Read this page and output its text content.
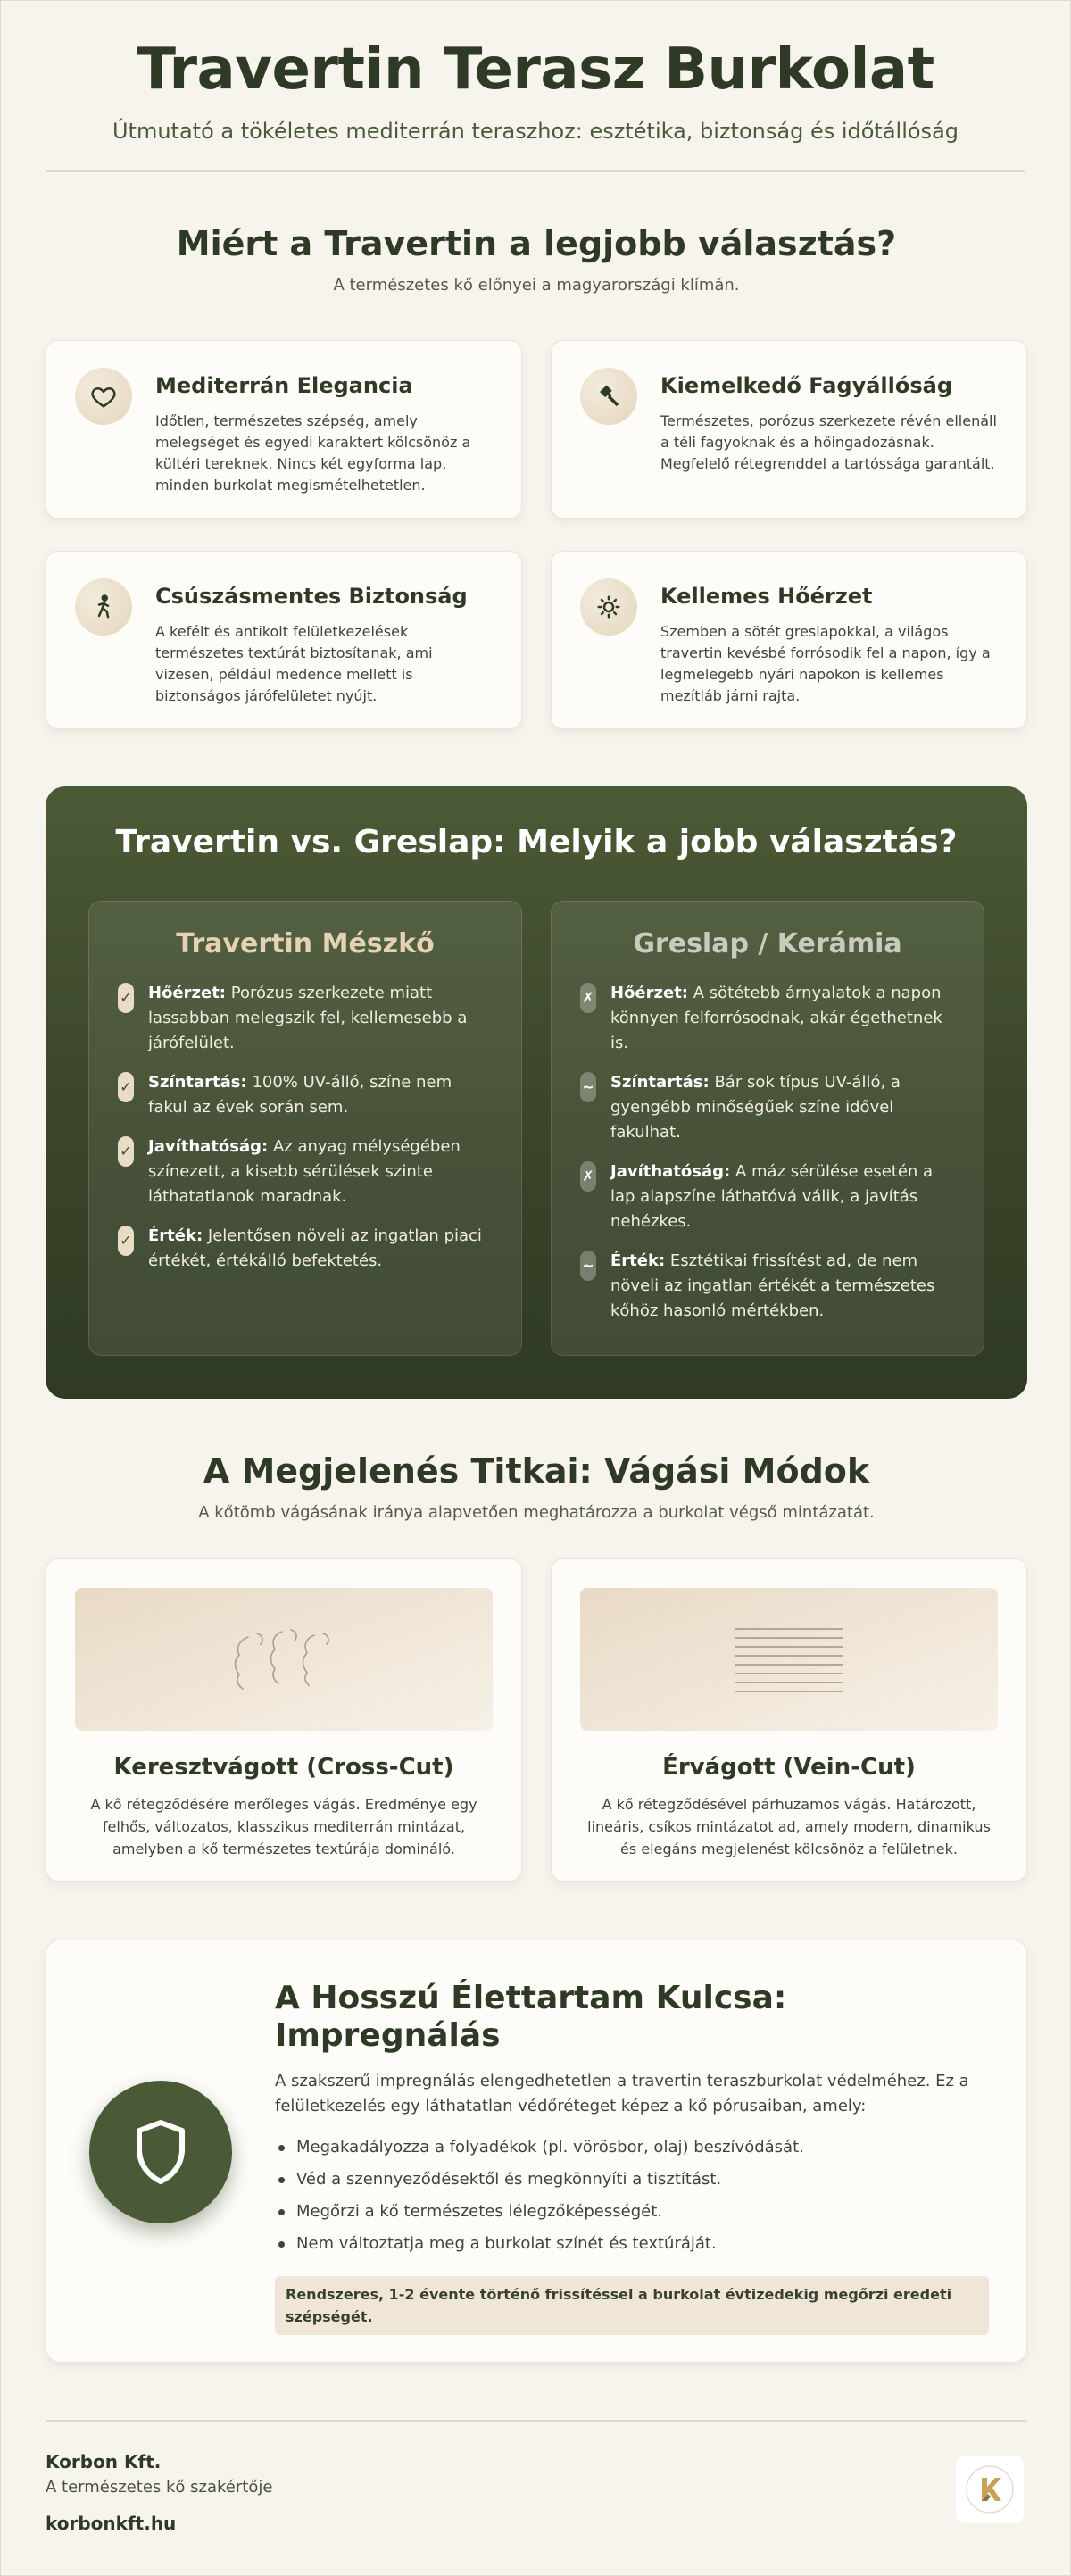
Travertin Terasz Burkolat

Útmutató a tökéletes mediterrán teraszhoz: esztétika, biztonság és időtállóság

Miért a Travertin a legjobb választás?

A természetes kő előnyei a magyarországi klímán.

Mediterrán Elegancia

Időtlen, természetes szépség, amely melegséget és egyedi karaktert kölcsönöz a kültéri tereknek. Nincs két egyforma lap, minden burkolat megismételhetetlen.

Kiemelkedő Fagyállóság

Természetes, porózus szerkezete révén ellenáll a téli fagyoknak és a hőingadozásnak. Megfelelő rétegrenddel a tartóssága garantált.

Csúszásmentes Biztonság

A kefélt és antikolt felületkezelések természetes textúrát biztosítanak, ami vizesen, például medence mellett is biztonságos járófelületet nyújt.

Kellemes Hőérzet

Szemben a sötét greslapokkal, a világos travertin kevésbé forrósodik fel a napon, így a legmelegebb nyári napokon is kellemes mezítláb járni rajta.

Travertin vs. Greslap: Melyik a jobb választás?
Travertin Mészkő
✓ Hőérzet: Porózus szerkezete miatt lassabban melegszik fel, kellemesebb a járófelület.
✓ Színtartás: 100% UV-álló, színe nem fakul az évek során sem.
✓ Javíthatóság: Az anyag mélységében színezett, a kisebb sérülések szinte láthatatlanok maradnak.
✓ Érték: Jelentősen növeli az ingatlan piaci értékét, értékálló befektetés.
Greslap / Kerámia
✗ Hőérzet: A sötétebb árnyalatok a napon könnyen felforrósodnak, akár égethetnek is.
~ Színtartás: Bár sok típus UV-álló, a gyengébb minőségűek színe idővel fakulhat.
✗ Javíthatóság: A máz sérülése esetén a lap alapszíne láthatóvá válik, a javítás nehézkes.
~ Érték: Esztétikai frissítést ad, de nem növeli az ingatlan értékét a természetes kőhöz hasonló mértékben.
A Megjelenés Titkai: Vágási Módok

A kőtömb vágásának iránya alapvetően meghatározza a burkolat végső mintázatát.

Keresztvágott (Cross-Cut)

A kő rétegződésére merőleges vágás. Eredménye egy felhős, változatos, klasszikus mediterrán mintázat, amelyben a kő természetes textúrája domináló.

Érvágott (Vein-Cut)

A kő rétegződésével párhuzamos vágás. Határozott, lineáris, csíkos mintázatot ad, amely modern, dinamikus és elegáns megjelenést kölcsönöz a felületnek.

A Hosszú Élettartam Kulcsa: Impregnálás

A szakszerű impregnálás elengedhetetlen a travertin teraszburkolat védelméhez. Ez a felületkezelés egy láthatatlan védőréteget képez a kő pórusaiban, amely:

Megakadályozza a folyadékok (pl. vörösbor, olaj) beszívódását.
Véd a szennyeződésektől és megkönnyíti a tisztítást.
Megőrzi a kő természetes lélegzőképességét.
Nem változtatja meg a burkolat színét és textúráját.
Rendszeres, 1-2 évente történő frissítéssel a burkolat évtizedekig megőrzi eredeti szépségét.
Korbon Kft.
A természetes kő szakértője
korbonkft.hu
